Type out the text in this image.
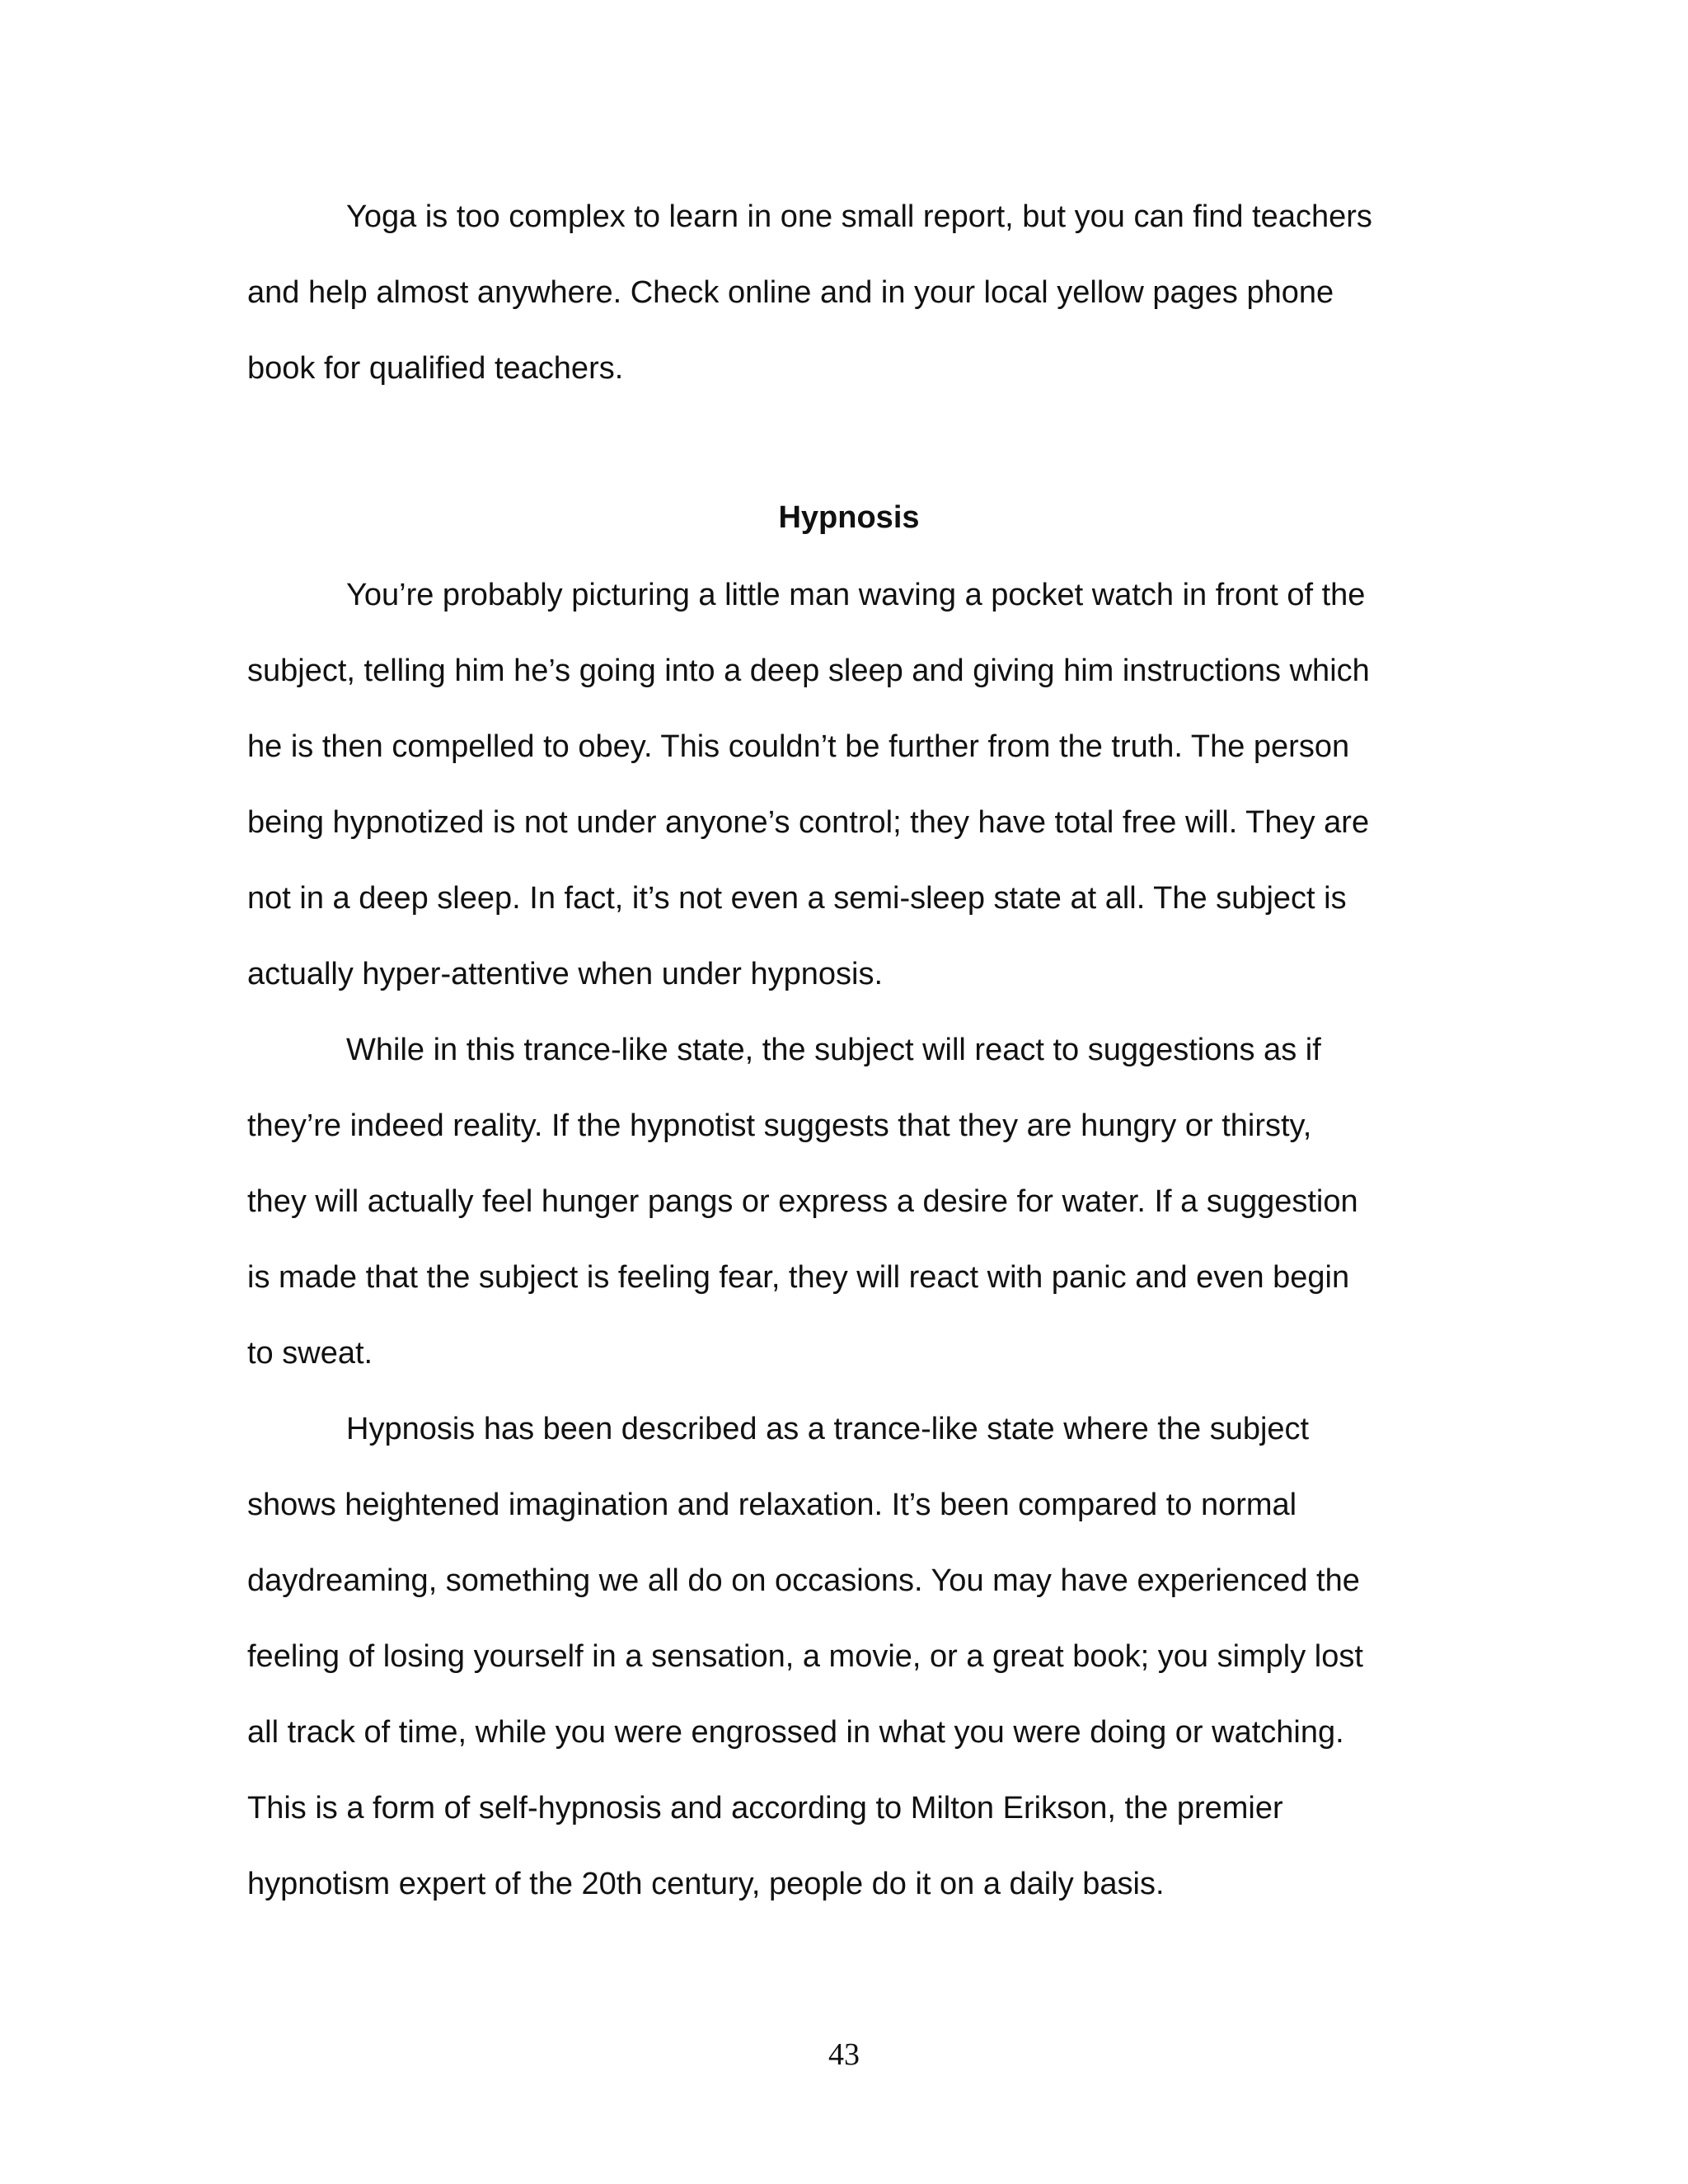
Yoga is too complex to learn in one small report, but you can find teachers
and help almost anywhere. Check online and in your local yellow pages phone
book for qualified teachers.
Hypnosis
You’re probably picturing a little man waving a pocket watch in front of the
subject, telling him he’s going into a deep sleep and giving him instructions which
he is then compelled to obey. This couldn’t be further from the truth. The person
being hypnotized is not under anyone’s control; they have total free will. They are
not in a deep sleep. In fact, it’s not even a semi-sleep state at all. The subject is
actually hyper-attentive when under hypnosis.
While in this trance-like state, the subject will react to suggestions as if
they’re indeed reality. If the hypnotist suggests that they are hungry or thirsty,
they will actually feel hunger pangs or express a desire for water. If a suggestion
is made that the subject is feeling fear, they will react with panic and even begin
to sweat.
Hypnosis has been described as a trance-like state where the subject
shows heightened imagination and relaxation. It’s been compared to normal
daydreaming, something we all do on occasions. You may have experienced the
feeling of losing yourself in a sensation, a movie, or a great book; you simply lost
all track of time, while you were engrossed in what you were doing or watching.
This is a form of self-hypnosis and according to Milton Erikson, the premier
hypnotism expert of the 20th century, people do it on a daily basis.
43
